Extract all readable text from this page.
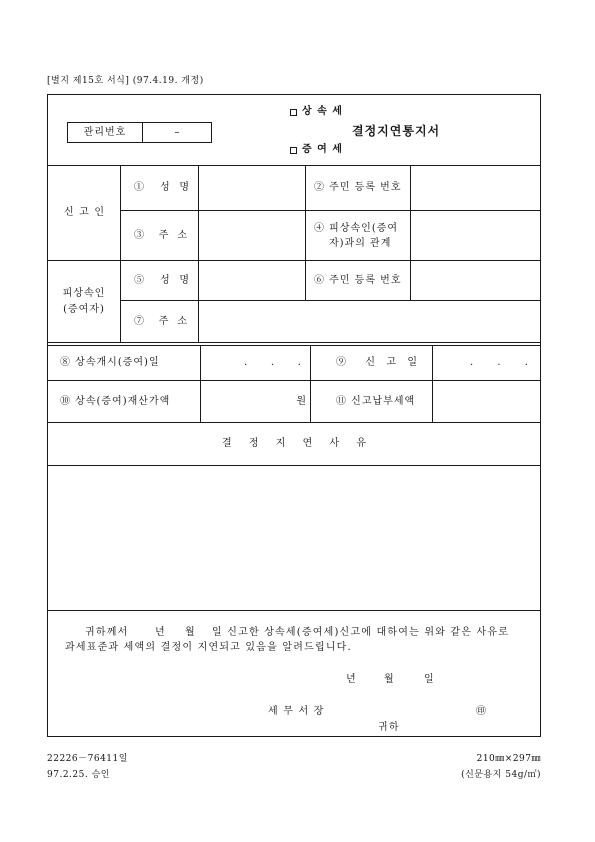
[별지 제15호 서식] (97.4.19. 개정)
상 속 세
관리번호	–	결정지연통지서
증 여 세
신 고 인
① 성 명	② 주민 등록 번호
③ 주 소
④ 피상속인(증여
자)과의 관계
피상속인
(증여자)
⑤ 성 명	⑥ 주민 등록 번호
⑦ 주 소
⑧ 상속개시(증여)일	. . .	⑨ 신 고 일	. . .
⑩ 상속(증여)재산가액	원	⑪ 신고납부세액
결 정 지 연 사 유
귀하께서	년 월 일 신고한 상속세(증여세)신고에 대하여는 위와 같은 사유로
과세표준과 세액의 결정이 지연되고 있음을 알려드립니다.
년	월	일
세 무 서 장	㊞
귀하
22226－76411일
97.2.25. 승인
210㎜×297㎜
(신문용지 54g/㎡)
